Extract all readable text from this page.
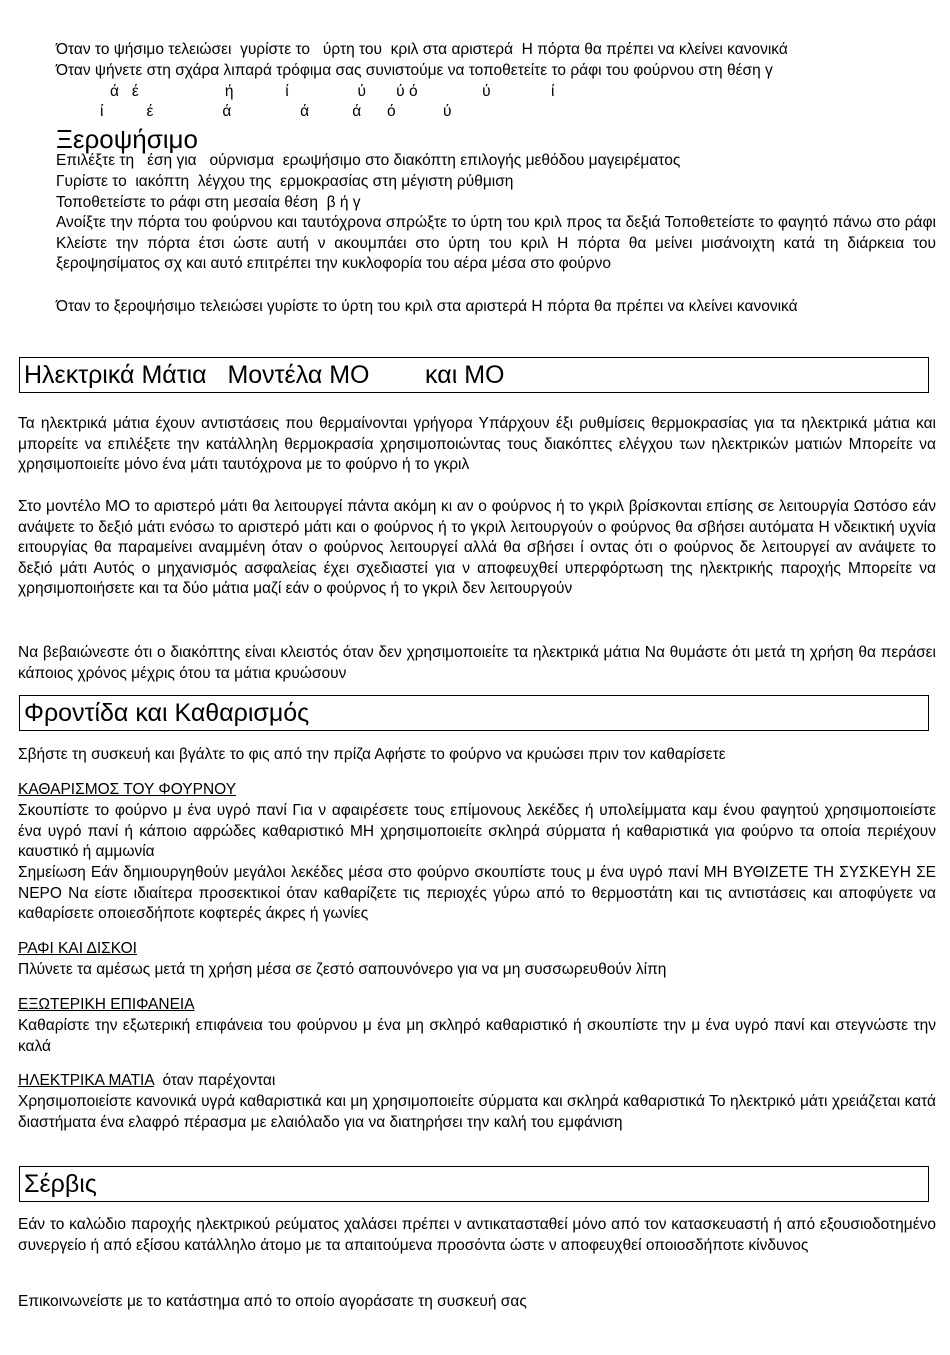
Όταν το ψήσιμο τελειώσει  γυρίστε το   ύρτη του  κριλ στα αριστερά  Η πόρτα θα πρέπει να κλείνει κανονικά
Όταν ψήνετε στη σχάρα λιπαρά τρόφιμα σας συνιστούμε να τοποθετείτε το ράφι του φούρνου στη θέση γ
ά   έ                    ή            ί                ύ       ύ ό               ύ              ί
ί          έ                ά                ά          ά      ό           ύ
Ξεροψήσιμο
Επιλέξτε τη   έση για   ούρνισμα  ερωψήσιμο στο διακόπτη επιλογής μεθόδου μαγειρέματος
Γυρίστε το  ιακόπτη  λέγχου της  ερμοκρασίας στη μέγιστη ρύθμιση
Τοποθετείστε το ράφι στη μεσαία θέση  β ή γ
Ανοίξτε την πόρτα του φούρνου και ταυτόχρονα σπρώξτε το ύρτη του κριλ προς τα δεξιά Τοποθετείστε το φαγητό πάνω στο ράφι Κλείστε την πόρτα έτσι ώστε αυτή ν ακουμπάει στο ύρτη του κριλ Η πόρτα θα μείνει μισάνοιχτη κατά τη διάρκεια του ξεροψησίματος σχ και αυτό επιτρέπει την κυκλοφορία του αέρα μέσα στο φούρνο
Όταν το ξεροψήσιμο τελειώσει γυρίστε το ύρτη του κριλ στα αριστερά Η πόρτα θα πρέπει να κλείνει κανονικά
Ηλεκτρικά Μάτια   Μοντέλα ΜΟ        και ΜΟ
Τα ηλεκτρικά μάτια έχουν αντιστάσεις που θερμαίνονται γρήγορα Υπάρχουν έξι ρυθμίσεις θερμοκρασίας για τα ηλεκτρικά μάτια και μπορείτε να επιλέξετε την κατάλληλη θερμοκρασία χρησιμοποιώντας τους διακόπτες ελέγχου των ηλεκτρικών ματιών Μπορείτε να χρησιμοποιείτε μόνο ένα μάτι ταυτόχρονα με το φούρνο ή το γκριλ
Στο μοντέλο ΜΟ το αριστερό μάτι θα λειτουργεί πάντα ακόμη κι αν ο φούρνος ή το γκριλ βρίσκονται επίσης σε λειτουργία Ωστόσο εάν ανάψετε το δεξιό μάτι ενόσω το αριστερό μάτι και ο φούρνος ή το γκριλ λειτουργούν ο φούρνος θα σβήσει αυτόματα Η νδεικτική υχνία ειτουργίας θα παραμείνει αναμμένη όταν ο φούρνος λειτουργεί αλλά θα σβήσει ί οντας ότι ο φούρνος δε λειτουργεί αν ανάψετε το δεξιό μάτι Αυτός ο μηχανισμός ασφαλείας έχει σχεδιαστεί για ν αποφευχθεί υπερφόρτωση της ηλεκτρικής παροχής Μπορείτε να χρησιμοποιήσετε και τα δύο μάτια μαζί εάν ο φούρνος ή το γκριλ δεν λειτουργούν
Να βεβαιώνεστε ότι ο διακόπτης είναι κλειστός όταν δεν χρησιμοποιείτε τα ηλεκτρικά μάτια Να θυμάστε ότι μετά τη χρήση θα περάσει κάποιος χρόνος μέχρις ότου τα μάτια κρυώσουν
Φροντίδα και Καθαρισμός
Σβήστε τη συσκευή και βγάλτε το φις από την πρίζα Αφήστε το φούρνο να κρυώσει πριν τον καθαρίσετε
ΚΑΘΑΡΙΣΜΟΣ ΤΟΥ ΦΟΥΡΝΟΥ
Σκουπίστε το φούρνο μ ένα υγρό πανί Για ν αφαιρέσετε τους επίμονους λεκέδες ή υπολείμματα καμ ένου φαγητού χρησιμοποιείστε ένα υγρό πανί ή κάποιο αφρώδες καθαριστικό ΜΗ χρησιμοποιείτε σκληρά σύρματα ή καθαριστικά για φούρνο τα οποία περιέχουν καυστικό ή αμμωνία
Σημείωση Εάν δημιουργηθούν μεγάλοι λεκέδες μέσα στο φούρνο σκουπίστε τους μ ένα υγρό πανί ΜΗ ΒΥΘΙΖΕΤΕ ΤΗ ΣΥΣΚΕΥΗ ΣΕ ΝΕΡΟ Να είστε ιδιαίτερα προσεκτικοί όταν καθαρίζετε τις περιοχές γύρω από το θερμοστάτη και τις αντιστάσεις και αποφύγετε να καθαρίσετε οποιεσδήποτε κοφτερές άκρες ή γωνίες
ΡΑΦΙ ΚΑΙ ΔΙΣΚΟΙ
Πλύνετε τα αμέσως μετά τη χρήση μέσα σε ζεστό σαπουνόνερο για να μη συσσωρευθούν λίπη
ΕΞΩΤΕΡΙΚΗ ΕΠΙΦΑΝΕΙΑ
Καθαρίστε την εξωτερική επιφάνεια του φούρνου μ ένα μη σκληρό καθαριστικό ή σκουπίστε την μ ένα υγρό πανί και στεγνώστε την καλά
ΗΛΕΚΤΡΙΚΑ ΜΑΤΙΑ  όταν παρέχονται
Χρησιμοποιείστε κανονικά υγρά καθαριστικά και μη χρησιμοποιείτε σύρματα και σκληρά καθαριστικά Το ηλεκτρικό μάτι χρειάζεται κατά διαστήματα ένα ελαφρό πέρασμα με ελαιόλαδο για να διατηρήσει την καλή του εμφάνιση
Σέρβις
Εάν το καλώδιο παροχής ηλεκτρικού ρεύματος χαλάσει πρέπει ν αντικατασταθεί μόνο από τον κατασκευαστή ή από εξουσιοδοτημένο συνεργείο ή από εξίσου κατάλληλο άτομο με τα απαιτούμενα προσόντα ώστε ν αποφευχθεί οποιοσδήποτε κίνδυνος
Επικοινωνείστε με το κατάστημα από το οποίο αγοράσατε τη συσκευή σας
